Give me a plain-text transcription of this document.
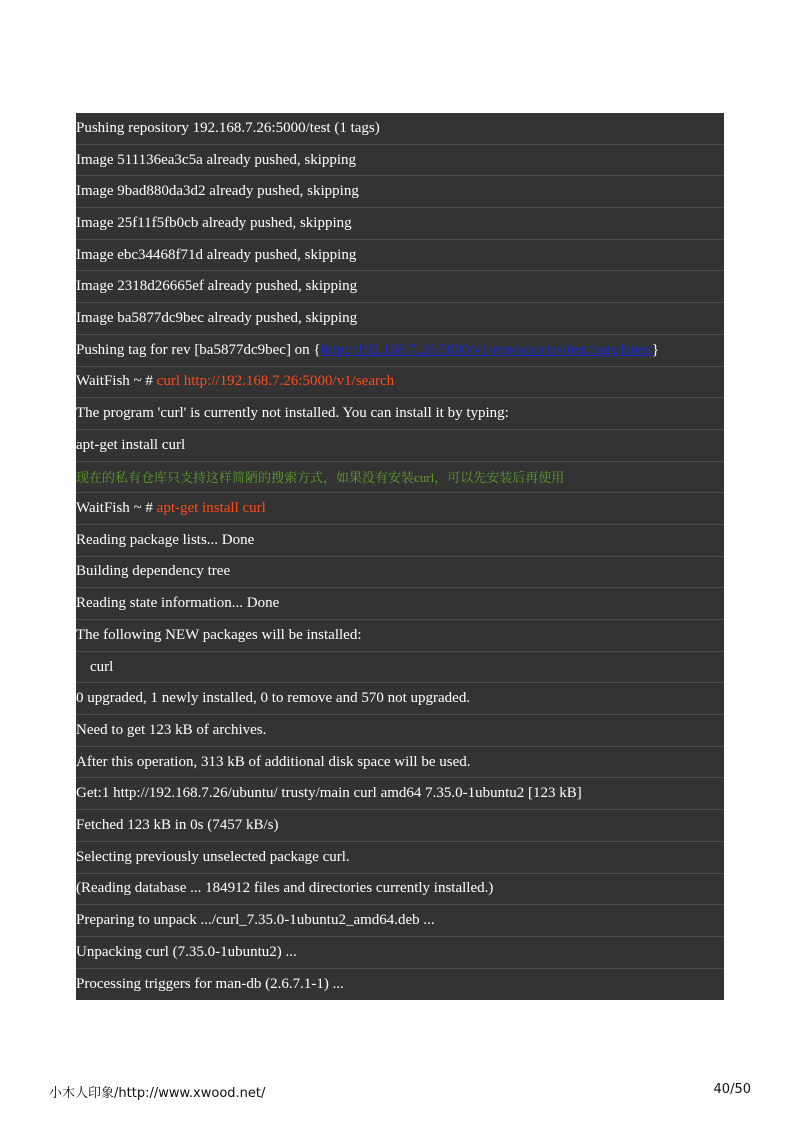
Pushing repository 192.168.7.26:5000/test (1 tags)
Image 511136ea3c5a already pushed, skipping
Image 9bad880da3d2 already pushed, skipping
Image 25f11f5fb0cb already pushed, skipping
Image ebc34468f71d already pushed, skipping
Image 2318d26665ef already pushed, skipping
Image ba5877dc9bec already pushed, skipping
Pushing tag for rev [ba5877dc9bec] on { http://192.168.7.26:5000/v1/repositories/test/tags/latest }
WaitFish ~ # curl http://192.168.7.26:5000/v1/search
The program 'curl' is currently not installed. You can install it by typing:
apt-get install curl
现在的私有仓库只支持这样简陋的搜索方式，如果没有安装curl，可以先安装后再使用
WaitFish ~ # apt-get install curl
Reading package lists... Done
Building dependency tree
Reading state information... Done
The following NEW packages will be installed:
curl
0 upgraded, 1 newly installed, 0 to remove and 570 not upgraded.
Need to get 123 kB of archives.
After this operation, 313 kB of additional disk space will be used.
Get:1 http://192.168.7.26/ubuntu/ trusty/main curl amd64 7.35.0-1ubuntu2 [123 kB]
Fetched 123 kB in 0s (7457 kB/s)
Selecting previously unselected package curl.
(Reading database ... 184912 files and directories currently installed.)
Preparing to unpack .../curl_7.35.0-1ubuntu2_amd64.deb ...
Unpacking curl (7.35.0-1ubuntu2) ...
Processing triggers for man-db (2.6.7.1-1) ...
小木人印象/http://www.xwood.net/	40/50
